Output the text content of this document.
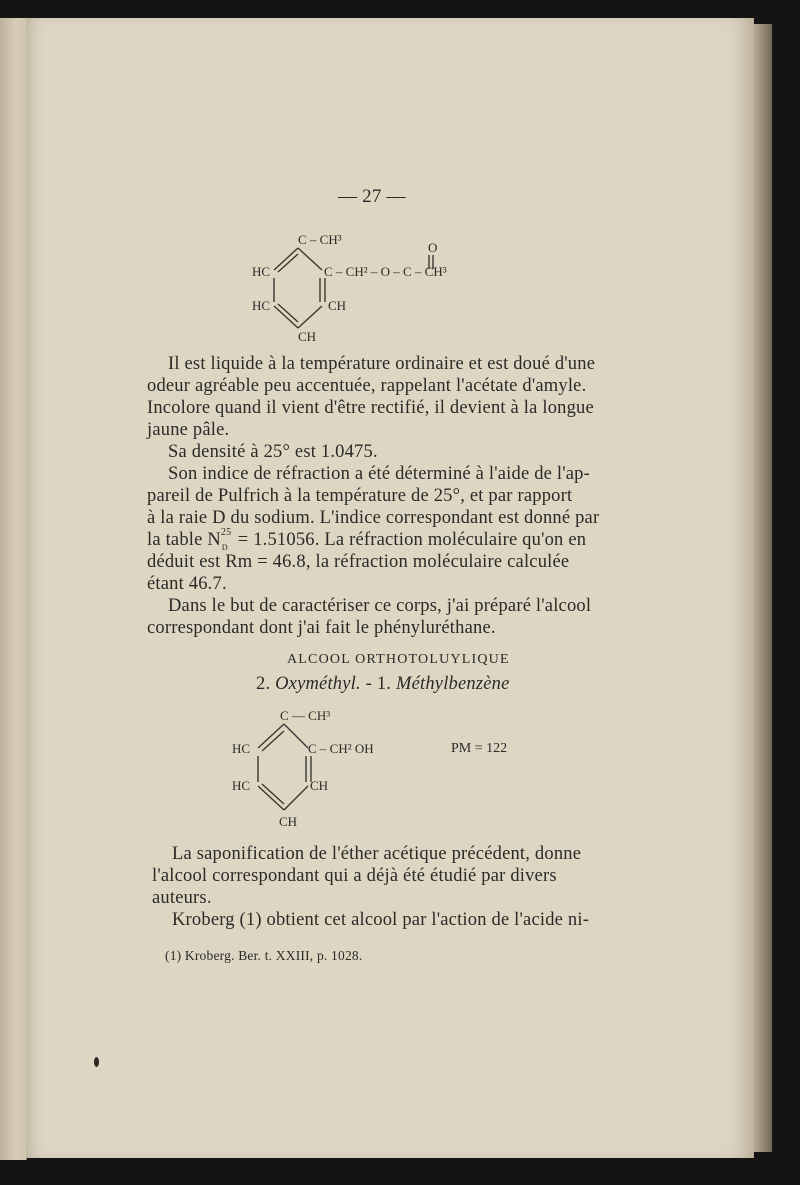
— 27 —
C – CH³
O
HC	C – CH² – O – C – CH³
HC	CH
CH
Il est liquide à la température ordinaire et est doué d'une
odeur agréable peu accentuée, rappelant l'acétate d'amyle.
Incolore quand il vient d'être rectifié, il devient à la longue
jaune pâle.
Sa densité à 25° est 1.0475.
Son indice de réfraction a été déterminé à l'aide de l'ap-
pareil de Pulfrich à la température de 25°, et par rapport
à la raie D du sodium. L'indice correspondant est donné par
la table N 25
D = 1.51056. La réfraction moléculaire qu'on en
déduit est Rm = 46.8, la réfraction moléculaire calculée
étant 46.7.
Dans le but de caractériser ce corps, j'ai préparé l'alcool
correspondant dont j'ai fait le phényluréthane.
ALCOOL ORTHOTOLUYLIQUE
2. Oxyméthyl. - 1. Méthylbenzène
C — CH³
HC	C – CH² OH	PM = 122
HC	CH
CH
La saponification de l'éther acétique précédent, donne
l'alcool correspondant qui a déjà été étudié par divers
auteurs.
Kroberg (1) obtient cet alcool par l'action de l'acide ni-
(1) Kroberg. Ber. t. XXIII, p. 1028.
